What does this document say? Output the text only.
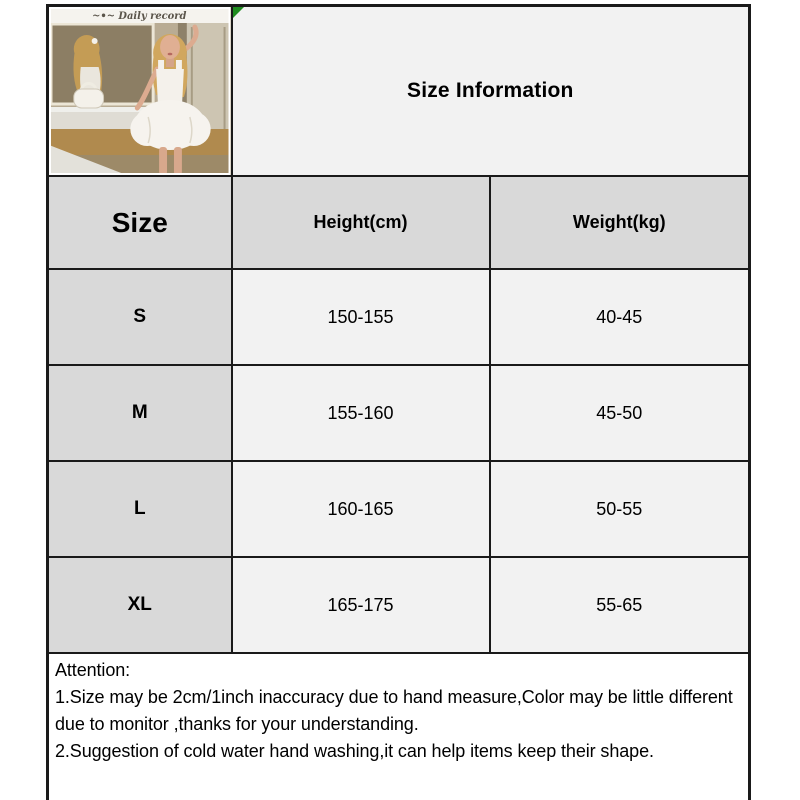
~•~ Daily record	Size Information	
Size	Height(cm)	Weight(kg)
S	150-155	40-45
M	155-160	45-50
L	160-165	50-55
XL	165-175	55-65

Attention:
1.Size may be 2cm/1inch inaccuracy due to hand measure,Color may be little different due to monitor ,thanks for your understanding.
2.Suggestion of cold water hand washing,it can help items keep their shape.		
